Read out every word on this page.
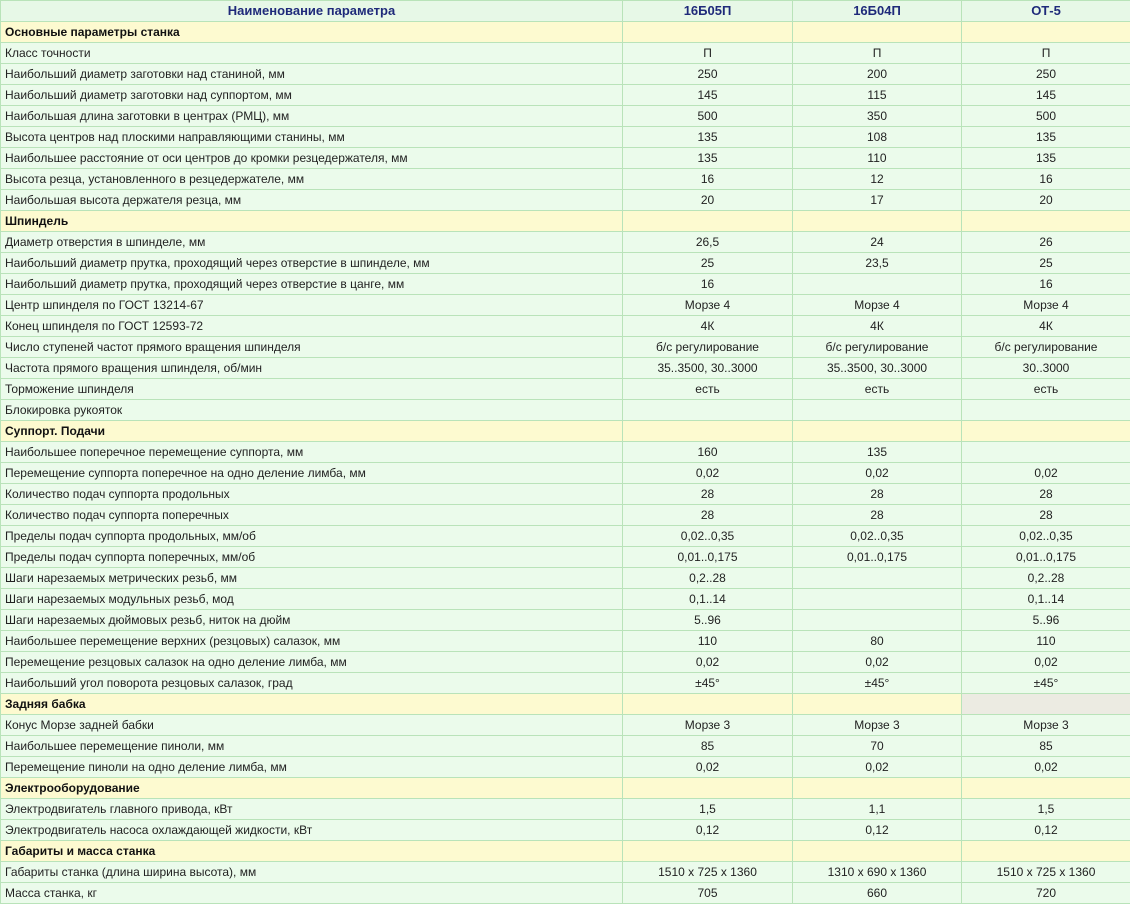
Наименование параметра	16Б05П	16Б04П	ОТ-5
Основные параметры станка			
Класс точности	П	П	П
Наибольший диаметр заготовки над станиной, мм	250	200	250
Наибольший диаметр заготовки над суппортом, мм	145	115	145
Наибольшая длина заготовки в центрах (РМЦ), мм	500	350	500
Высота центров над плоскими направляющими станины, мм	135	108	135
Наибольшее расстояние от оси центров до кромки резцедержателя, мм	135	110	135
Высота резца, установленного в резцедержателе, мм	16	12	16
Наибольшая высота держателя резца, мм	20	17	20
Шпиндель			
Диаметр отверстия в шпинделе, мм	26,5	24	26
Наибольший диаметр прутка, проходящий через отверстие в шпинделе, мм	25	23,5	25
Наибольший диаметр прутка, проходящий через отверстие в цанге, мм	16		16
Центр шпинделя по ГОСТ 13214-67	Морзе 4	Морзе 4	Морзе 4
Конец шпинделя по ГОСТ 12593-72	4К	4К	4К
Число ступеней частот прямого вращения шпинделя	б/с регулирование	б/с регулирование	б/с регулирование
Частота прямого вращения шпинделя, об/мин	35..3500, 30..3000	35..3500, 30..3000	30..3000
Торможение шпинделя	есть	есть	есть
Блокировка рукояток			
Суппорт. Подачи			
Наибольшее поперечное перемещение суппорта, мм	160	135	
Перемещение суппорта поперечное на одно деление лимба, мм	0,02	0,02	0,02
Количество подач суппорта продольных	28	28	28
Количество подач суппорта поперечных	28	28	28
Пределы подач суппорта продольных, мм/об	0,02..0,35	0,02..0,35	0,02..0,35
Пределы подач суппорта поперечных, мм/об	0,01..0,175	0,01..0,175	0,01..0,175
Шаги нарезаемых метрических резьб, мм	0,2..28		0,2..28
Шаги нарезаемых модульных резьб, мод	0,1..14		0,1..14
Шаги нарезаемых дюймовых резьб, ниток на дюйм	5..96		5..96
Наибольшее перемещение верхних (резцовых) салазок, мм	110	80	110
Перемещение резцовых салазок на одно деление лимба, мм	0,02	0,02	0,02
Наибольший угол поворота резцовых салазок, град	±45°	±45°	±45°
Задняя бабка			
Конус Морзе задней бабки	Морзе 3	Морзе 3	Морзе 3
Наибольшее перемещение пиноли, мм	85	70	85
Перемещение пиноли на одно деление лимба, мм	0,02	0,02	0,02
Электрооборудование			
Электродвигатель главного привода, кВт	1,5	1,1	1,5
Электродвигатель насоса охлаждающей жидкости, кВт	0,12	0,12	0,12
Габариты и масса станка			
Габариты станка (длина ширина высота), мм	1510 х 725 х 1360	1310 х 690 х 1360	1510 х 725 х 1360
Масса станка, кг	705	660	720
